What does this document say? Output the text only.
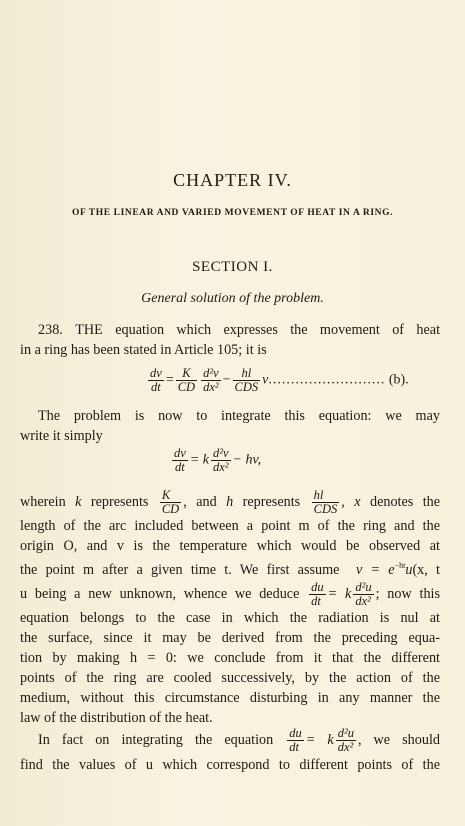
CHAPTER IV.
OF THE LINEAR AND VARIED MOVEMENT OF HEAT IN A RING.
SECTION I.
General solution of the problem.
238. THE equation which expresses the movement of heat
in a ring has been stated in Article 105; it is
$\frac{dv}{dt} = \frac{K}{CD} \frac{\text{d²v}}{\text{dx²}} - \frac{hl}{\text{CDS}} v$.......................... (b).
The problem is now to integrate this equation: we may
write it simply
$\frac{dv}{dt} = k \frac{\text{d²v}}{\text{dx²}}$ − hv,
wherein k represents $\frac{K}{CD}$ , and h represents $\frac{hl}{\text{CDS}}$ , x denotes the
length of the arc included between a point m of the ring and the
origin O, and v is the temperature which would be observed at
the point m after a given time t. We first assume $v = e^{-ht}u(x$, t
u being a new unknown, whence we deduce $\frac{du}{dt} = k \frac{\text{d²u}}{\text{dx²}}$ ; now this
equation belongs to the case in which the radiation is nul at
the surface, since it may be derived from the preceding equa-
tion by making h = 0: we conclude from it that the different
points of the ring are cooled successively, by the action of the
medium, without this circumstance disturbing in any manner the
law of the distribution of the heat.
In fact on integrating the equation $\frac{du}{dt} = k \frac{\text{d²u}}{\text{dx²}}$ , we should
find the values of u which correspond to different points of the
